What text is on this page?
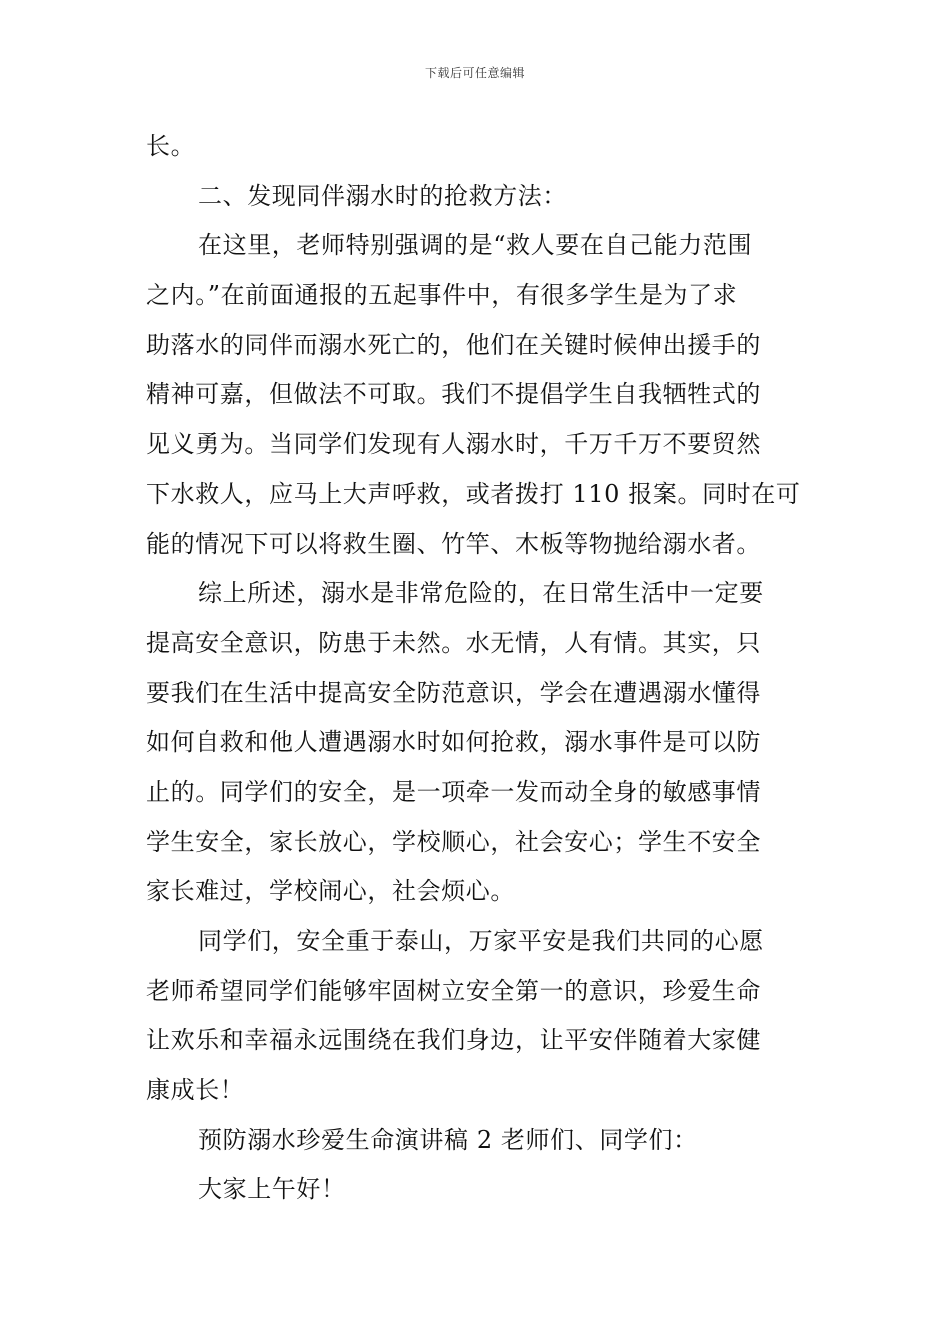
下载后可任意编辑
长。
二、发现同伴溺水时的抢救方法：
在这里，老师特别强调的是“救人要在自己能力范围
之内。”在前面通报的五起事件中，有很多学生是为了求
助落水的同伴而溺水死亡的，他们在关键时候伸出援手的
精神可嘉，但做法不可取。我们不提倡学生自我牺牲式的
见义勇为。当同学们发现有人溺水时，千万千万不要贸然
下水救人，应马上大声呼救，或者拨打 110 报案。同时在可
能的情况下可以将救生圈、竹竿、木板等物抛给溺水者。
综上所述，溺水是非常危险的，在日常生活中一定要
提高安全意识，防患于未然。水无情，人有情。其实，只
要我们在生活中提高安全防范意识，学会在遭遇溺水懂得
如何自救和他人遭遇溺水时如何抢救，溺水事件是可以防
止的。同学们的安全，是一项牵一发而动全身的敏感事情
学生安全，家长放心，学校顺心，社会安心；学生不安全
家长难过，学校闹心，社会烦心。
同学们，安全重于泰山，万家平安是我们共同的心愿
老师希望同学们能够牢固树立安全第一的意识，珍爱生命
让欢乐和幸福永远围绕在我们身边，让平安伴随着大家健
康成长！
预防溺水珍爱生命演讲稿 2 老师们、同学们：
大家上午好！
